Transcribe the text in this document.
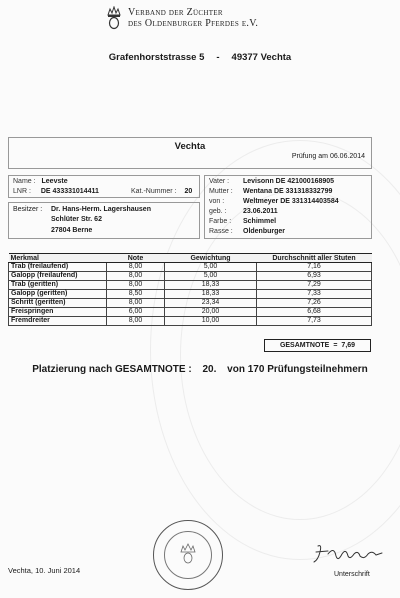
Verband der Züchter
des Oldenburger Pferdes e.V.
Grafenhorststrasse 5 - 49377 Vechta
Vechta
Prüfung am 06.06.2014
Name : Leevste
LNR : DE 433331014411	Kat.-Nummer : 20
Besitzer : Dr. Hans-Herm. Lagershausen
Schlüter Str. 62
27804 Berne
Vater : Levisonn DE 421000168905
Mutter : Wentana DE 331318332799
von :	Weltmeyer DE 331314403584
geb. : 23.06.2011
Farbe : Schimmel
Rasse : Oldenburger
Merkmal	Note	Gewichtung	Durchschnitt aller Stuten
Trab (freilaufend)	8,00	5,00	7,16
Galopp (freilaufend)	8,00	5,00	6,93
Trab (geritten)	8,00	18,33	7,29
Galopp (geritten)	8,50	18,33	7,33
Schritt (geritten)	8,00	23,34	7,26
Freispringen	6,00	20,00	6,68
Fremdreiter	8,00	10,00	7,73
GESAMTNOTE = 7,69
Platzierung nach GESAMTNOTE : 20. von 170 Prüfungsteilnehmern
Vechta, 10. Juni 2014	Unterschrift
